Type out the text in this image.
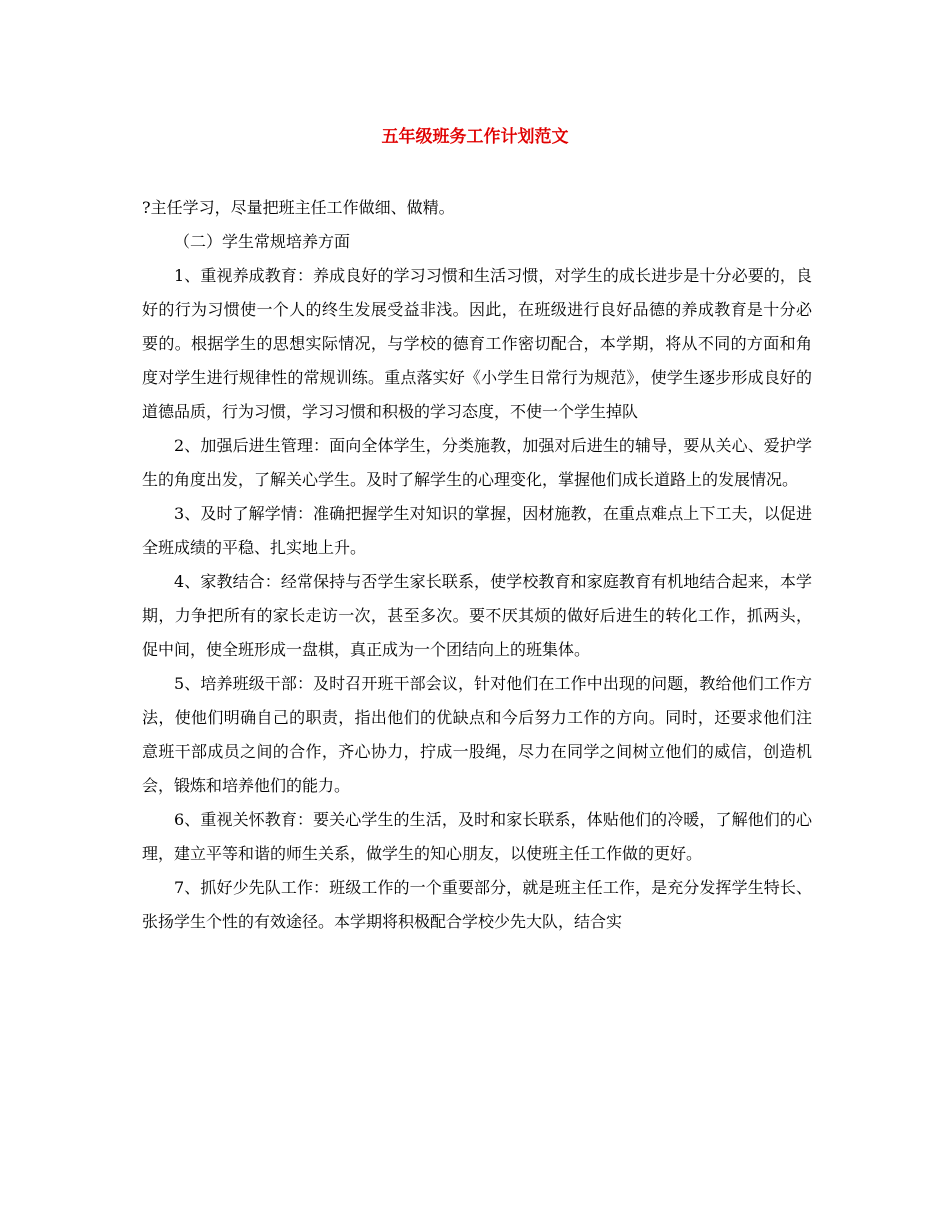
五年级班务工作计划范文

?主任学习，尽量把班主任工作做细、做精。

（二）学生常规培养方面

1、重视养成教育：养成良好的学习习惯和生活习惯，对学生的成长进步是十分必要的，良好的行为习惯使一个人的终生发展受益非浅。因此，在班级进行良好品德的养成教育是十分必要的。根据学生的思想实际情况，与学校的德育工作密切配合，本学期，将从不同的方面和角度对学生进行规律性的常规训练。重点落实好《小学生日常行为规范》，使学生逐步形成良好的道德品质，行为习惯，学习习惯和积极的学习态度，不使一个学生掉队

2、加强后进生管理：面向全体学生，分类施教，加强对后进生的辅导，要从关心、爱护学生的角度出发，了解关心学生。及时了解学生的心理变化，掌握他们成长道路上的发展情况。

3、及时了解学情：准确把握学生对知识的掌握，因材施教，在重点难点上下工夫，以促进全班成绩的平稳、扎实地上升。

4、家教结合：经常保持与否学生家长联系，使学校教育和家庭教育有机地结合起来，本学期，力争把所有的家长走访一次，甚至多次。要不厌其烦的做好后进生的转化工作，抓两头，促中间，使全班形成一盘棋，真正成为一个团结向上的班集体。

5、培养班级干部：及时召开班干部会议，针对他们在工作中出现的问题，教给他们工作方法，使他们明确自己的职责，指出他们的优缺点和今后努力工作的方向。同时，还要求他们注意班干部成员之间的合作，齐心协力，拧成一股绳，尽力在同学之间树立他们的威信，创造机会，锻炼和培养他们的能力。

6、重视关怀教育：要关心学生的生活，及时和家长联系，体贴他们的冷暖，了解他们的心理，建立平等和谐的师生关系，做学生的知心朋友，以使班主任工作做的更好。

7、抓好少先队工作：班级工作的一个重要部分，就是班主任工作，是充分发挥学生特长、张扬学生个性的有效途径。本学期将积极配合学校少先大队，结合实
